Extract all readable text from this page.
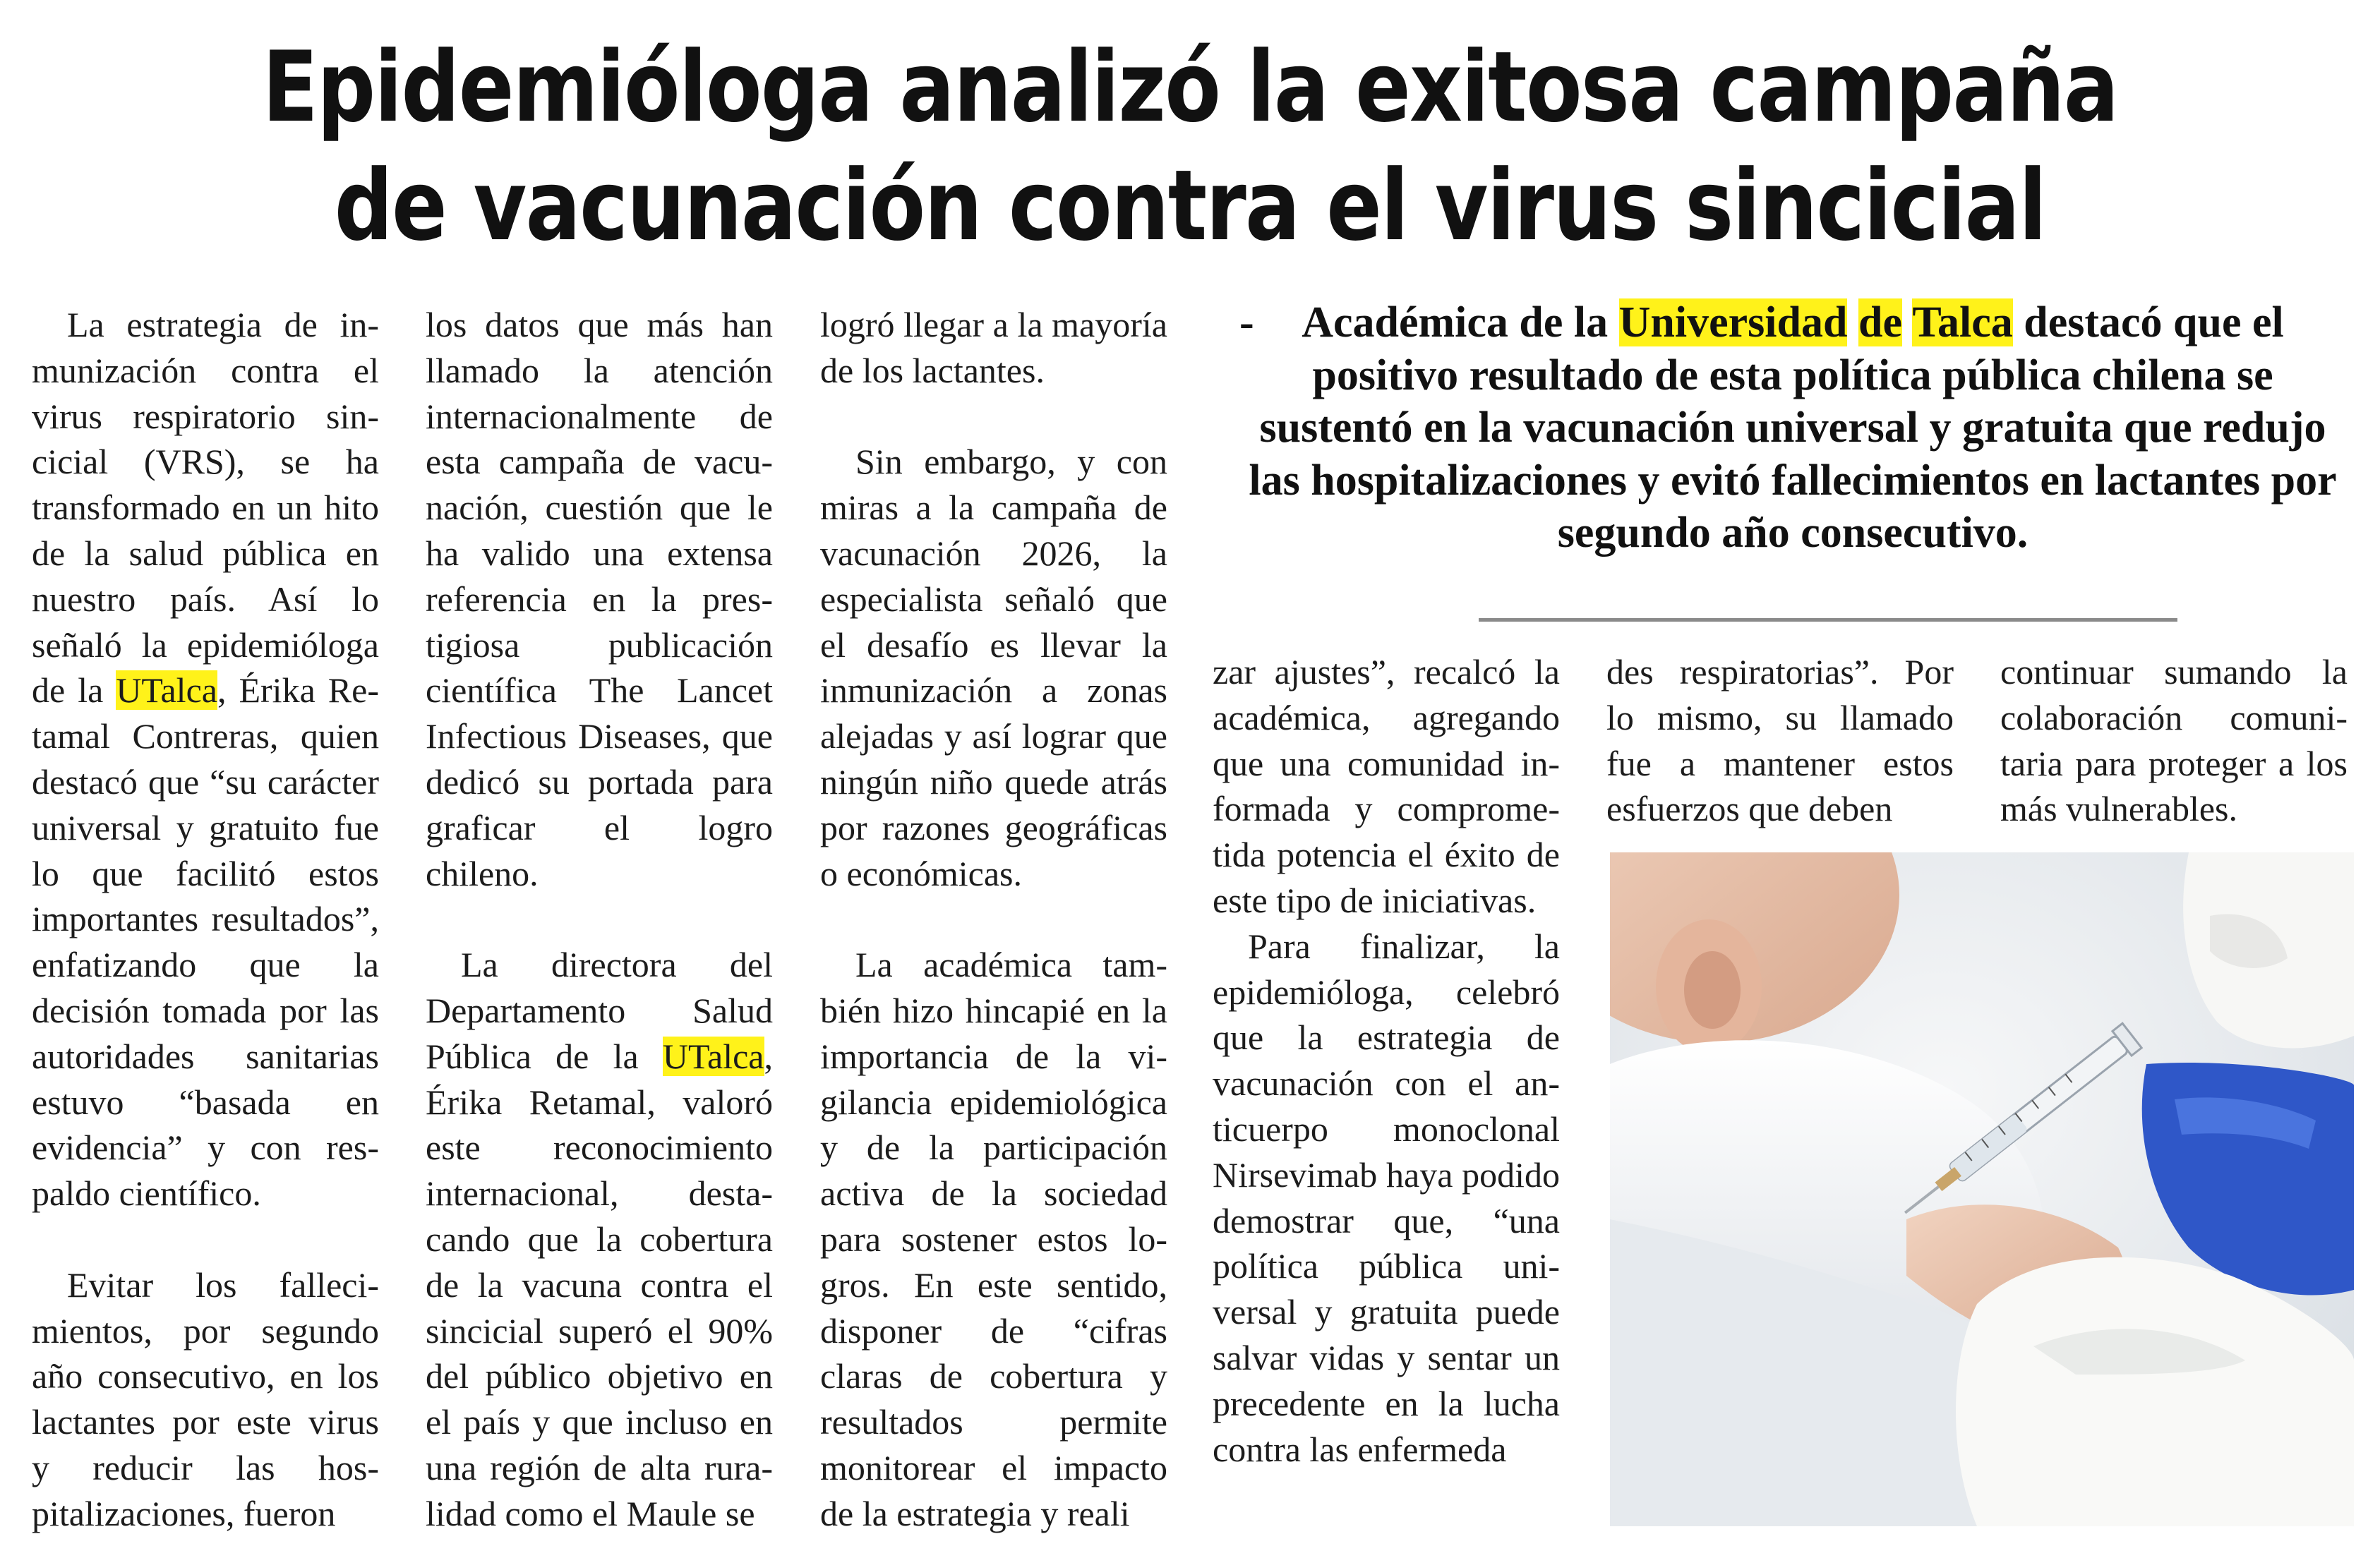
Epidemióloga analizó la exitosa campaña
de vacunación contra el virus sincicial

La estrategia de inmunización contra el virus respiratorio sincicial (VRS), se ha transformado en un hito de la salud pública en nuestro país. Así lo señaló la epidemióloga de la UTalca, Érika Retamal Contreras, quien destacó que “su carácter universal y gratuito fue lo que facilitó estos importantes resultados”, enfatizando que la decisión tomada por las autoridades sanitarias estuvo “basada en evidencia” y con respaldo científico.

Evitar los fallecimientos, por segundo año consecutivo, en los lactantes por este virus y reducir las hospitalizaciones, fueron

los datos que más han llamado la atención internacionalmente de esta campaña de vacunación, cuestión que le ha valido una extensa referencia en la prestigiosa publicación científica The Lancet Infectious Diseases, que dedicó su portada para graficar el logro chileno.

La directora del Departamento Salud Pública de la UTalca, Érika Retamal, valoró este reconocimiento internacional, destacando que la cobertura de la vacuna contra el sincicial superó el 90% del público objetivo en el país y que incluso en una región de alta ruralidad como el Maule se

logró llegar a la mayoría de los lactantes.

Sin embargo, y con miras a la campaña de vacunación 2026, la especialista señaló que el desafío es llevar la inmunización a zonas alejadas y así lograr que ningún niño quede atrás por razones geográficas o económicas.

La académica también hizo hincapié en la importancia de la vigilancia epidemiológica y de la participación activa de la sociedad para sostener estos logros. En este sentido, disponer de “cifras claras de cobertura y resultados permite monitorear el impacto de la estrategia y reali

- Académica de la Universidad de Talca destacó que el positivo resultado de esta política pública chilena se sustentó en la vacunación universal y gratuita que redujo las hospitalizaciones y evitó fallecimientos en lactantes por segundo año consecutivo.

zar ajustes”, recalcó la académica, agregando que una comunidad informada y comprometida potencia el éxito de este tipo de iniciativas.

Para finalizar, la epidemióloga, celebró que la estrategia de vacunación con el anticuerpo monoclonal Nirsevimab haya podido demostrar que, “una política pública universal y gratuita puede salvar vidas y sentar un precedente en la lucha contra las enfermeda

des respiratorias”. Por lo mismo, su llamado fue a mantener estos esfuerzos que deben

continuar sumando la colaboración comunitaria para proteger a los más vulnerables.
